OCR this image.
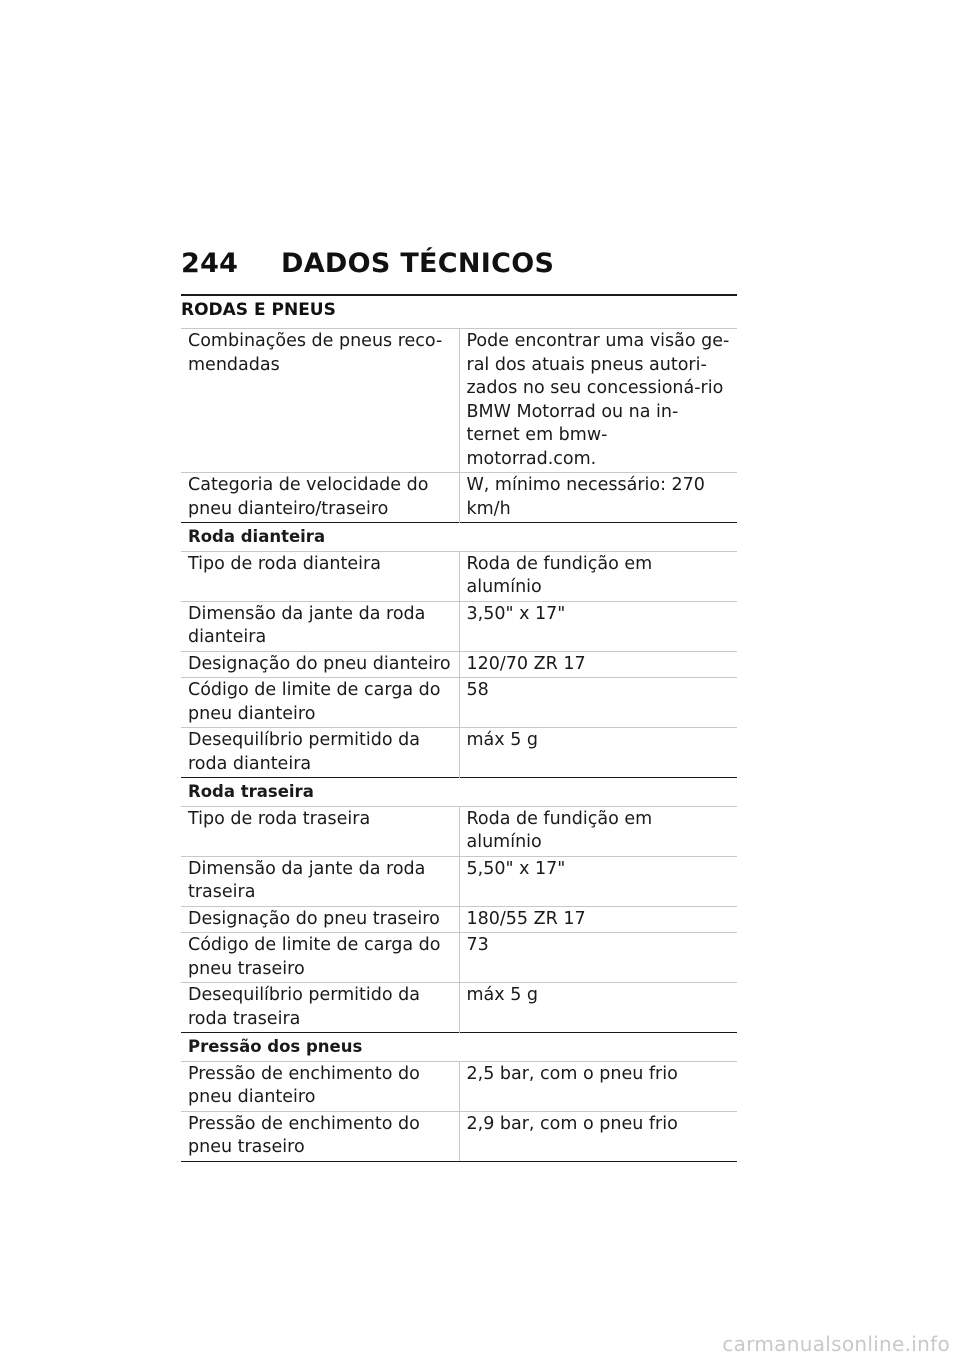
244 DADOS TÉCNICOS
RODAS E PNEUS
Combinações de pneus reco-mendadas	Pode encontrar uma visão ge-ral dos atuais pneus autori-zados no seu concessioná-rio BMW Motorrad ou na in-ternet em bmw-motorrad.com.
Categoria de velocidade do pneu dianteiro/traseiro	W, mínimo necessário: 270 km/h
Roda dianteira	
Tipo de roda dianteira	Roda de fundição em alumínio
Dimensão da jante da roda dianteira	3,50" x 17"
Designação do pneu dianteiro	120/70 ZR 17
Código de limite de carga do pneu dianteiro	58
Desequilíbrio permitido da roda dianteira	máx 5 g
Roda traseira	
Tipo de roda traseira	Roda de fundição em alumínio
Dimensão da jante da roda traseira	5,50" x 17"
Designação do pneu traseiro	180/55 ZR 17
Código de limite de carga do pneu traseiro	73
Desequilíbrio permitido da roda traseira	máx 5 g
Pressão dos pneus	
Pressão de enchimento do pneu dianteiro	2,5 bar, com o pneu frio
Pressão de enchimento do pneu traseiro	2,9 bar, com o pneu frio
carmanualsonline.info
